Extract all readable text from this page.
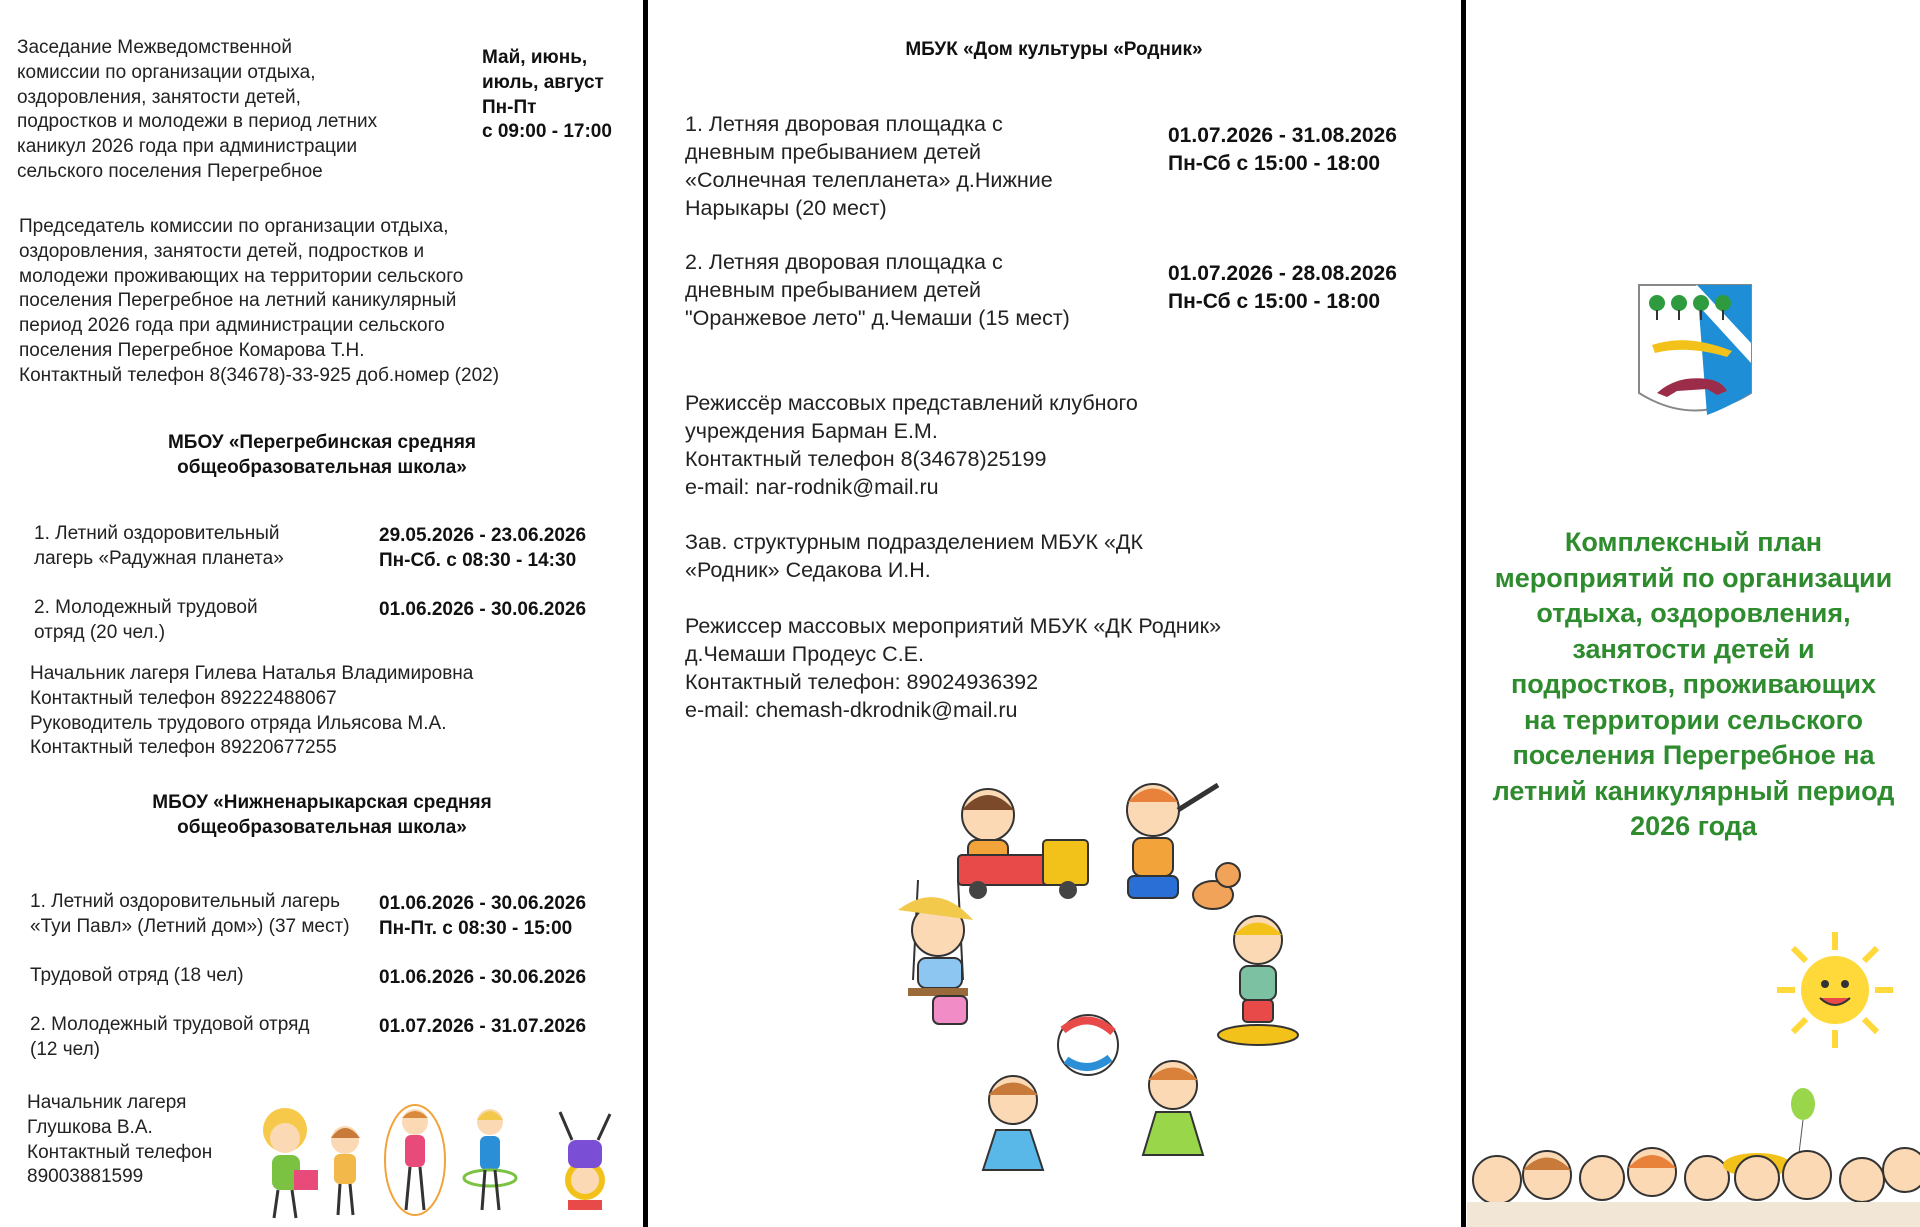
Заседание Межведомственной
комиссии по организации отдыха,
оздоровления, занятости детей,
подростков и молодежи в период летних
каникул 2026 года при администрации
сельского поселения Перегребное
Май, июнь,
июль, август
Пн-Пт
с 09:00 - 17:00
Председатель комиссии по организации отдыха,
оздоровления, занятости детей, подростков и
молодежи проживающих на территории сельского
поселения Перегребное на летний каникулярный
период 2026 года при администрации сельского
поселения Перегребное Комарова Т.Н.
Контактный телефон 8(34678)-33-925 доб.номер (202)
МБОУ «Перегребинская средняя
общеобразовательная школа»
1. Летний оздоровительный
лагерь «Радужная планета»
29.05.2026 - 23.06.2026
Пн-Сб. с 08:30 - 14:30
2. Молодежный трудовой
отряд (20 чел.)
01.06.2026 - 30.06.2026
Начальник лагеря Гилева Наталья Владимировна
Контактный телефон 89222488067
Руководитель трудового отряда Ильясова М.А.
Контактный телефон 89220677255
МБОУ «Нижненарыкарская средняя
общеобразовательная школа»
1. Летний оздоровительный лагерь
«Туи Павл» (Летний дом») (37 мест)
01.06.2026 - 30.06.2026
Пн-Пт. с 08:30 - 15:00
Трудовой отряд (18 чел)	01.06.2026 - 30.06.2026
2. Молодежный трудовой отряд
(12 чел)
01.07.2026 - 31.07.2026
Начальник лагеря
Глушкова В.А.
Контактный телефон
89003881599
МБУК «Дом культуры «Родник»
1. Летняя дворовая площадка с
дневным пребыванием детей
«Солнечная телепланета» д.Нижние
Нарыкары (20 мест)
01.07.2026 - 31.08.2026
Пн-Сб с 15:00 - 18:00
2. Летняя дворовая площадка с
дневным пребыванием детей
"Оранжевое лето" д.Чемаши (15 мест)
01.07.2026 - 28.08.2026
Пн-Сб с 15:00 - 18:00
Режиссёр массовых представлений клубного
учреждения Барман Е.М.
Контактный телефон 8(34678)25199
e-mail: nar-rodnik@mail.ru
Зав. структурным подразделением МБУК «ДК
«Родник» Седакова И.Н.
Режиссер массовых мероприятий МБУК «ДК Родник»
д.Чемаши Продеус С.Е.
Контактный телефон: 89024936392
e-mail: chemash-dkrodnik@mail.ru
Комплексный план
мероприятий по организации
отдыха, оздоровления,
занятости детей и
подростков, проживающих
на территории сельского
поселения Перегребное на
летний каникулярный период
2026 года
